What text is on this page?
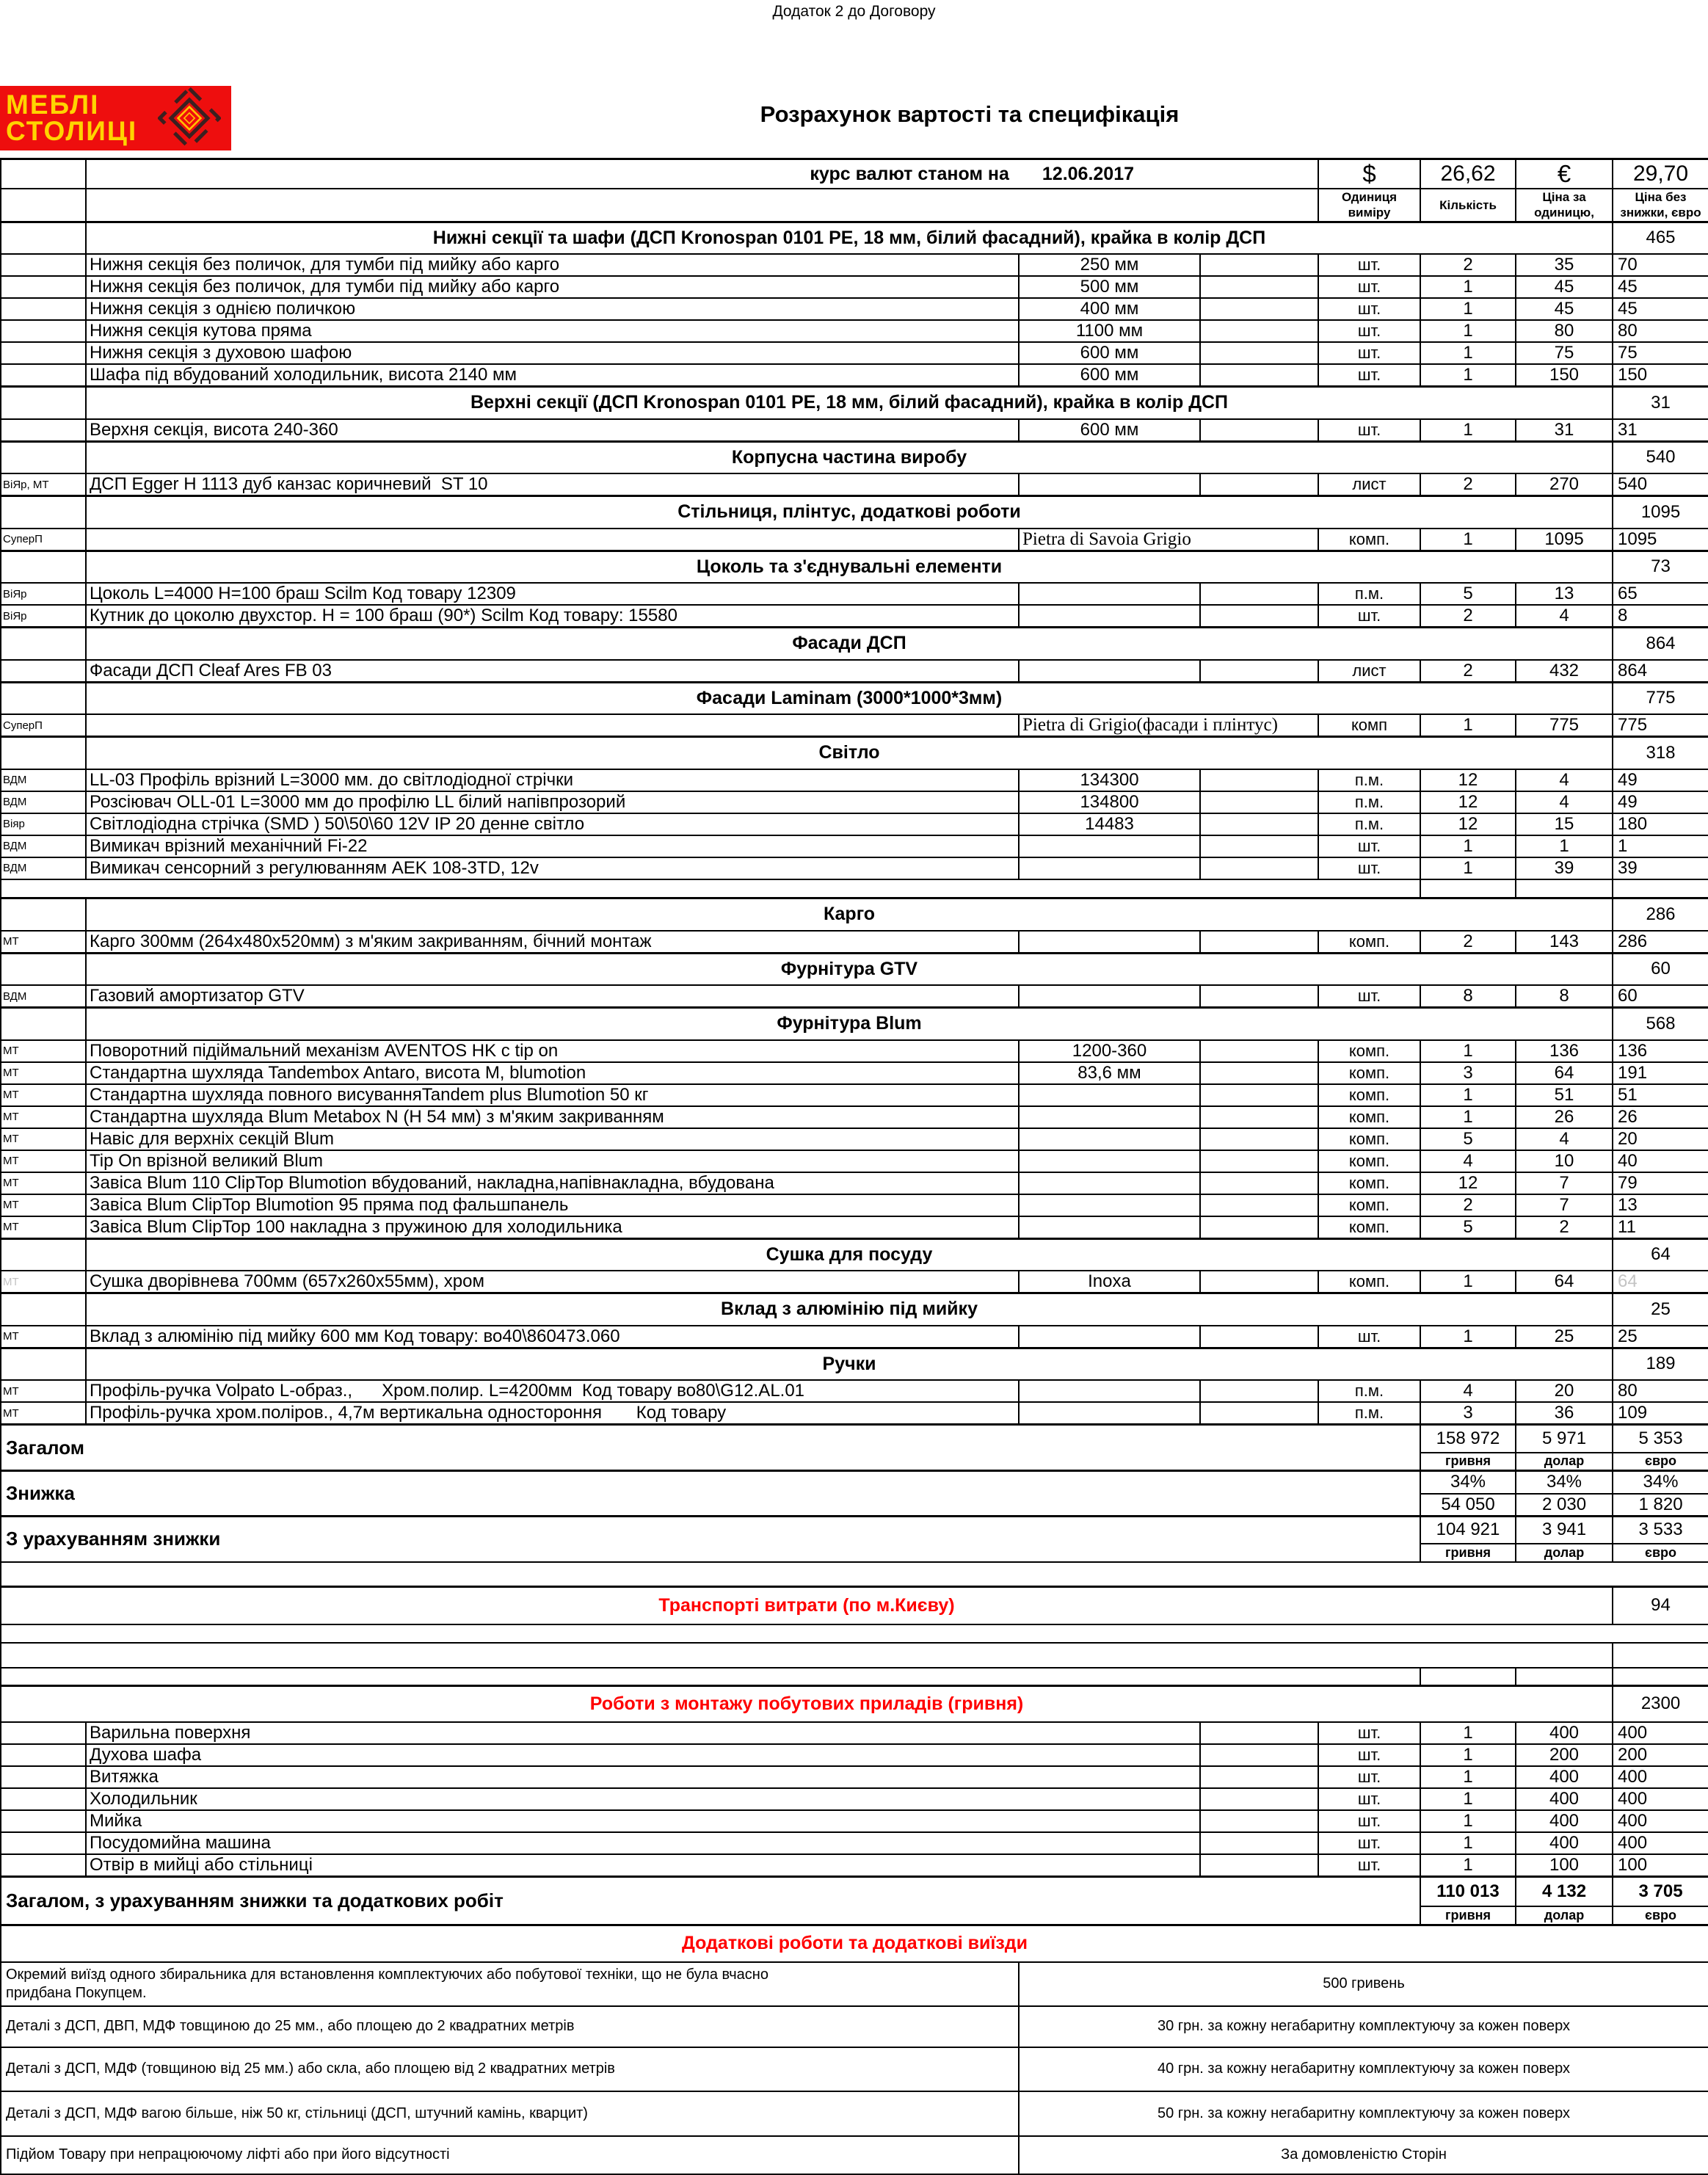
Додаток 2 до Договору
МЕБЛІ
СТОЛИЦІ
Розрахунок вартості та специфікація
	курс валют станом на 12.06.2017			$	26,62	€	29,70
				Одиниця виміру	Кількість	Ціна за одиницю,	Ціна без знижки, євро
	Нижні секції та шафи (ДСП Kronospan 0101 PE, 18 мм, білий фасадний), крайка в колір ДСП						465
	Нижня секція без поличок, для тумби під мийку або карго	250 мм		шт.	2	35	70
	Нижня секція без поличок, для тумби під мийку або карго	500 мм		шт.	1	45	45
	Нижня секція з однією поличкою	400 мм		шт.	1	45	45
	Нижня секція кутова пряма	1100 мм		шт.	1	80	80
	Нижня секція з духовою шафою	600 мм		шт.	1	75	75
	Шафа під вбудований холодильник, висота 2140 мм	600 мм		шт.	1	150	150
	Верхні секції (ДСП Kronospan 0101 PE, 18 мм, білий фасадний), крайка в колір ДСП						31
	Верхня секція, висота 240-360	600 мм		шт.	1	31	31
	Корпусна частина виробу						540
ВіЯр, МТ	ДСП Egger H 1113 дуб канзас коричневий  ST 10			лист	2	270	540
	Стільниця, плінтус, додаткові роботи						1095
СуперП		Pietra di Savoia Grigio		комп.	1	1095	1095
	Цоколь та з'єднувальні елементи						73
ВіЯр	Цоколь L=4000 H=100 браш Scilm Код товару 12309			п.м.	5	13	65
ВіЯр	Кутник до цоколю двухстор. H = 100 браш (90*) Scilm Код товару: 15580			шт.	2	4	8
	Фасади ДСП						864
	Фасади ДСП Cleaf Ares FB 03			лист	2	432	864
	Фасади Laminam (3000*1000*3мм)						775
СуперП		Pietra di Grigio(фасади і плінтус)		комп	1	775	775
	Світло						318
ВДМ	LL-03 Профіль врізний L=3000 мм. до світлодіодної стрічки	134300		п.м.	12	4	49
ВДМ	Розсіювач OLL-01 L=3000 мм до профілю LL білий напівпрозорий	134800		п.м.	12	4	49
Віяр	Світлодіодна стрічка (SMD ) 50\50\60 12V IP 20 денне світло	14483		п.м.	12	15	180
ВДМ	Вимикач врізний механічний Fi-22			шт.	1	1	1
ВДМ	Вимикач сенсорний з регулюванням AEK 108-3TD, 12v			шт.	1	39	39

	Карго						286
МТ	Карго 300мм (264х480х520мм) з м'яким закриванням, бічний монтаж			комп.	2	143	286
	Фурнітура GTV						60
ВДМ	Газовий амортизатор GTV			шт.	8	8	60
	Фурнітура Blum						568
МТ	Поворотний підіймальний механізм AVENTOS HK с tip on	1200-360		комп.	1	136	136
МТ	Стандартна шухляда Tandembox Antaro, висота M, blumotion	83,6 мм		комп.	3	64	191
МТ	Стандартна шухляда повного висуванняTandem plus Blumotion 50 кг			комп.	1	51	51
МТ	Стандартна шухляда Blum Metabox N (H 54 мм) з м'яким закриванням			комп.	1	26	26
МТ	Навіс для верхніх секцій Blum			комп.	5	4	20
МТ	Tip On врізной великий Blum			комп.	4	10	40
МТ	Завіса Blum 110 ClipTop Blumotion вбудований, накладна,напівнакладна, вбудована			комп.	12	7	79
МТ	Завіса Blum ClipTop Blumotion 95 пряма под фальшпанель			комп.	2	7	13
МТ	Завіса Blum ClipTop 100 накладна з пружиною для холодильника			комп.	5	2	11
	Сушка для посуду						64
МТ	Сушка дворівнева 700мм (657х260х55мм), хром	Inoxa		комп.	1	64	64
	Вклад з алюмінію під мийку						25
МТ	Вклад з алюмінію під мийку 600 мм Код товару: во40\860473.060			шт.	1	25	25
	Ручки						189
МТ	Профіль-ручка Volpato L-образ.,      Хром.полир. L=4200мм  Код товару во80\G12.AL.01			п.м.	4	20	80
МТ	Профіль-ручка хром.поліров., 4,7м вертикальна одностороння       Код товару			п.м.	3	36	109
Загалом					158 972	5 971	5 353
					гривня	долар	євро
Знижка					34%	34%	34%
					54 050	2 030	1 820
З урахуванням знижки					104 921	3 941	3 533
					гривня	долар	євро

Транспорті витрати (по м.Києву)							94

Роботи з монтажу побутових приладів (гривня)							2300
	Варильна поверхня			шт.	1	400	400
	Духова шафа			шт.	1	200	200
	Витяжка			шт.	1	400	400
	Холодильник			шт.	1	400	400
	Мийка			шт.	1	400	400
	Посудомийна машина			шт.	1	400	400
	Отвір в мийці або стільниці			шт.	1	100	100
Загалом, з урахуванням знижки та додаткових робіт					110 013	4 132	3 705
					гривня	долар	євро
Додаткові роботи та додаткові виїзди							
Окремий виїзд одного збиральника для встановлення комплектуючих або побутової техніки, що не була вчасно придбана Покупцем.		500 гривень					
Деталі з ДСП, ДВП, МДФ товщиною до 25 мм., або площею до 2 квадратних метрів		30 грн. за кожну негабаритну комплектуючу за кожен поверх					
Деталі з ДСП, МДФ (товщиною від 25 мм.) або скла, або площею від 2 квадратних метрів		40 грн. за кожну негабаритну комплектуючу за кожен поверх					
Деталі з ДСП, МДФ вагою більше, ніж 50 кг, стільниці (ДСП, штучний камінь, кварцит)		50 грн. за кожну негабаритну комплектуючу за кожен поверх					
Підйом Товару при непрацюючому ліфті або при його відсутності		За домовленістю Сторін					
